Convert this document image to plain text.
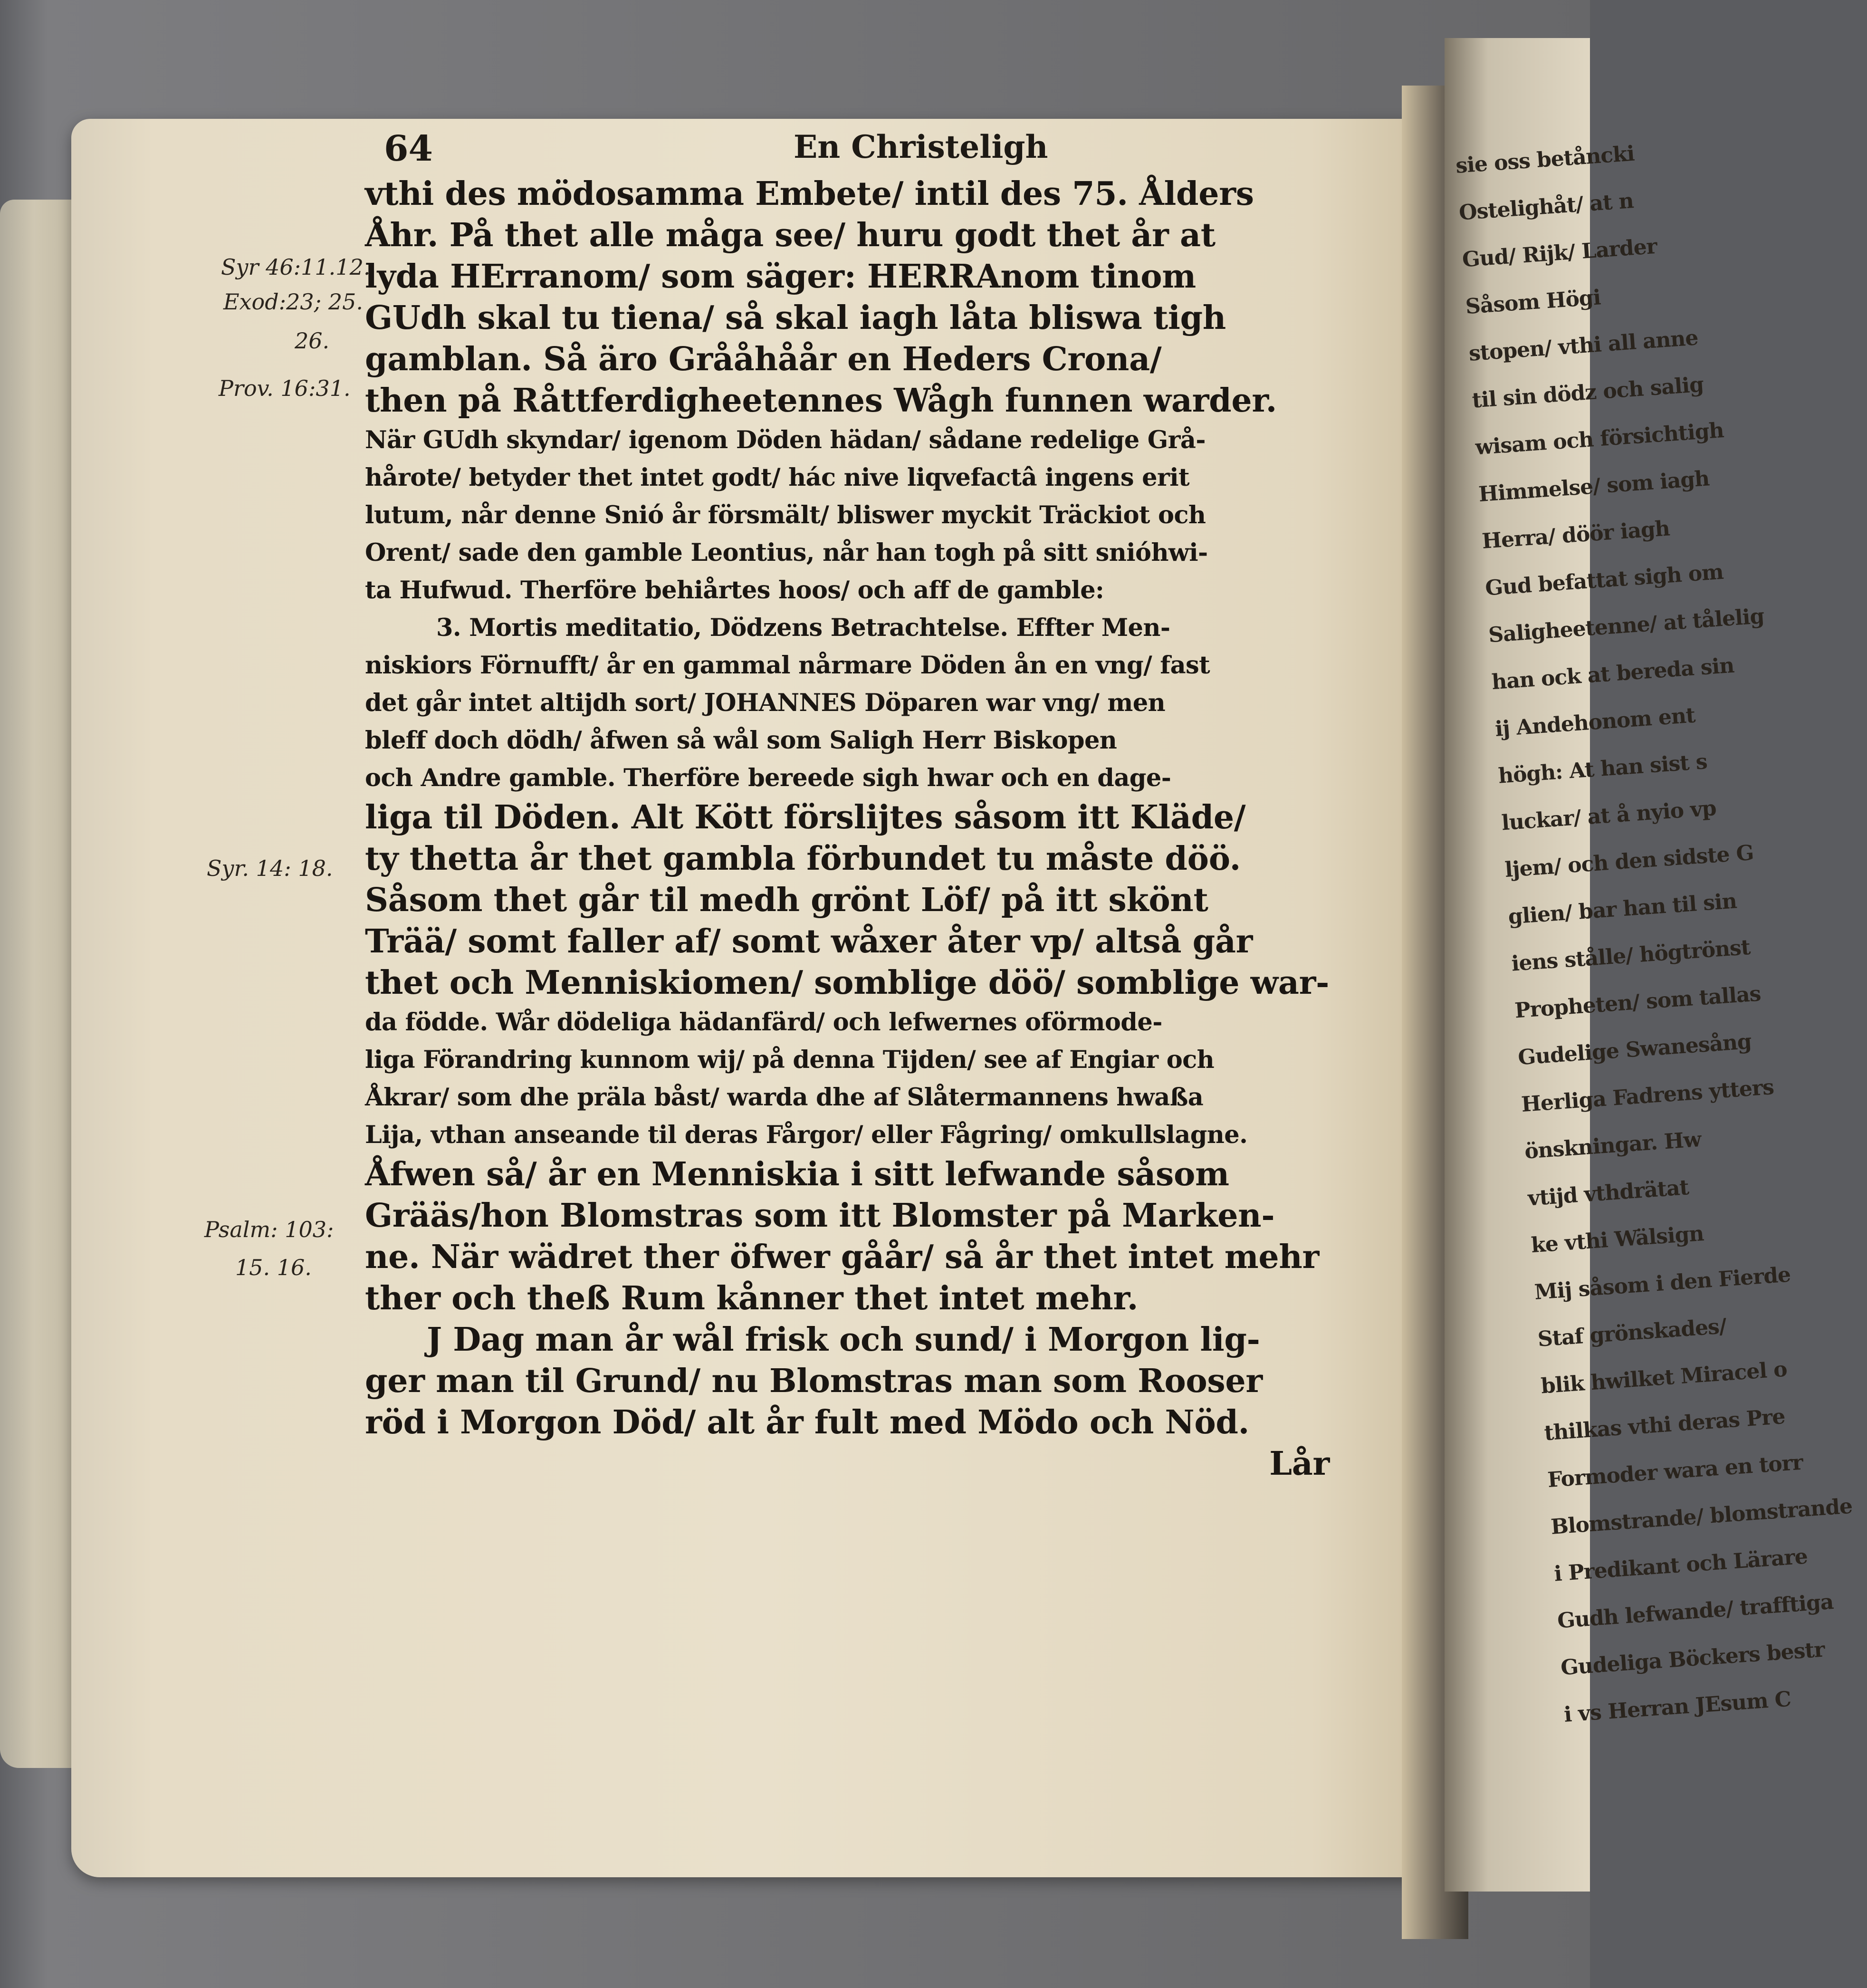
sie oss betåncki
Ostelighåt/ at n
Gud/ Rijk/ Larder
Såsom Högi
stopen/ vthi all anne
til sin dödz och salig
wisam och försichtigh
Himmelse/ som iagh
Herra/ döör iagh
Gud befattat sigh om
Saligheetenne/ at tålelig
han ock at bereda sin
ij Andehonom ent
högh: At han sist s
luckar/ at å nyio vp
ljem/ och den sidste G
glien/ bar han til sin
iens stålle/ högtrönst
Propheten/ som tallas
Gudelige Swanesång
Herliga Fadrens ytters
önskningar. Hw
vtijd vthdrätat
ke vthi Wälsign
Mij såsom i den Fierde
Staf grönskades/
blik hwilket Miracel o
thilkas vthi deras Pre
Formoder wara en torr
Blomstrande/ blomstrande
i Predikant och Lärare
Gudh lefwande/ trafftiga
Gudeliga Böckers bestr
i vs Herran JEsum C
64	En Christeligh
Syr 46:11.12.
Exod:23; 25.
26.
Prov. 16:31.
Syr. 14: 18.
Psalm: 103:
15. 16.
vthi des mödosamma Embete/ intil des 75. Ålders
Åhr. På thet alle måga see/ huru godt thet år at
lyda HErranom/ som säger: HERRAnom tinom
GUdh skal tu tiena/ så skal iagh låta bliswa tigh
gamblan. Så äro Grååhåår en Heders Crona/
then på Råttferdigheetennes Wågh funnen warder.
När GUdh skyndar/ igenom Döden hädan/ sådane redelige Grå-
hårote/ betyder thet intet godt/ hác nive liqvefactâ ingens erit
lutum, når denne Snió år försmält/ bliswer myckit Träckiot och
Orent/ sade den gamble Leontius, når han togh på sitt snióhwi-
ta Hufwud. Therföre behiårtes hoos/ och aff de gamble:
3. Mortis meditatio, Dödzens Betrachtelse. Effter Men-
niskiors Förnufft/ år en gammal nårmare Döden ån en vng/ fast
det går intet altijdh sort/ JOHANNES Döparen war vng/ men
bleff doch dödh/ åfwen så wål som Saligh Herr Biskopen
och Andre gamble. Therföre bereede sigh hwar och en dage-
liga til Döden. Alt Kött förslijtes såsom itt Kläde/
ty thetta år thet gambla förbundet tu måste döö.
Såsom thet går til medh grönt Löf/ på itt skönt
Trää/ somt faller af/ somt wåxer åter vp/ altså går
thet och Menniskiomen/ somblige döö/ somblige war-
da födde. Wår dödeliga hädanfärd/ och lefwernes oförmode-
liga Förandring kunnom wij/ på denna Tijden/ see af Engiar och
Åkrar/ som dhe präla båst/ warda dhe af Slåtermannens hwaßa
Lija, vthan anseande til deras Fårgor/ eller Fågring/ omkullslagne.
Åfwen så/ år en Menniskia i sitt lefwande såsom
Grääs/hon Blomstras som itt Blomster på Marken-
ne. När wädret ther öfwer gåår/ så år thet intet mehr
ther och theß Rum kånner thet intet mehr.
J Dag man år wål frisk och sund/ i Morgon lig-
ger man til Grund/ nu Blomstras man som Rooser
röd i Morgon Död/ alt år fult med Mödo och Nöd.
Lår
